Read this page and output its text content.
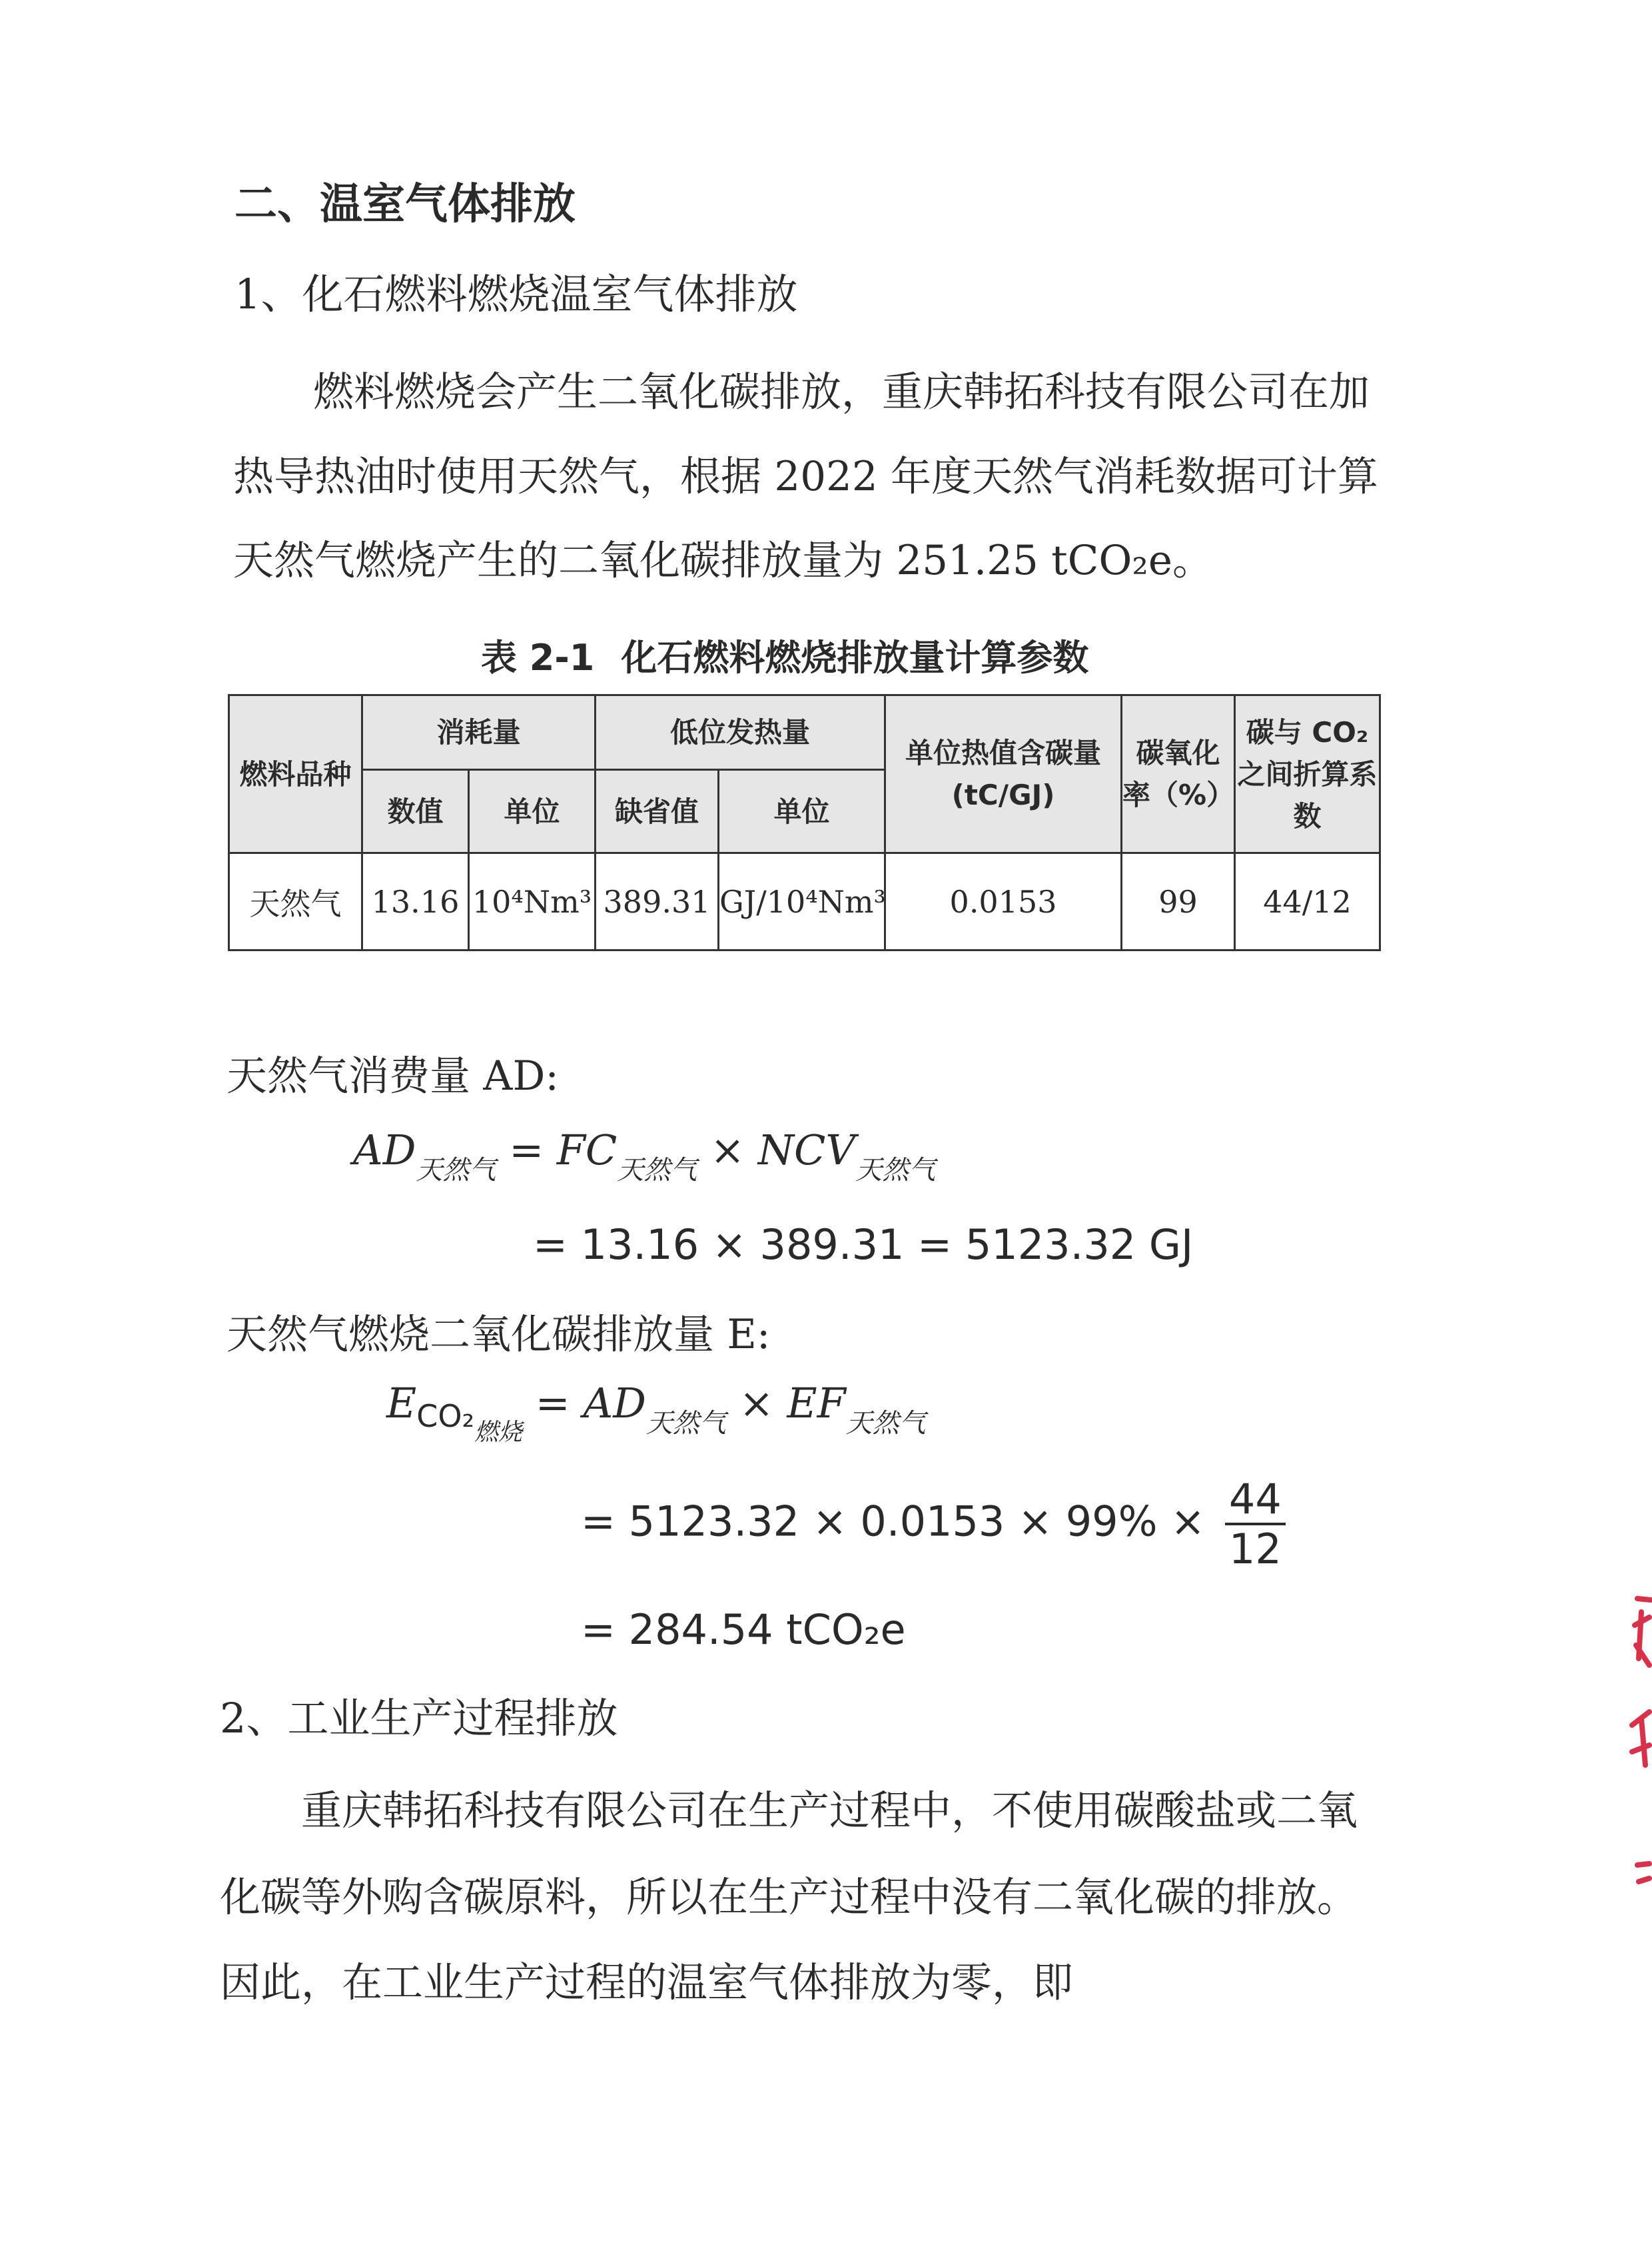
二、温室气体排放
1、化石燃料燃烧温室气体排放
燃料燃烧会产生二氧化碳排放，重庆韩拓科技有限公司在加
热导热油时使用天然气，根据 2022 年度天然气消耗数据可计算
天然气燃烧产生的二氧化碳排放量为 251.25 tCO₂e。
表 2-1 化石燃料燃烧排放量计算参数
燃料品种	消耗量		低位发热量		单位热值含碳量(tC/GJ)	碳氧化率（%）	碳与 CO₂之间折算系数
	数值	单位	缺省值	单位			
天然气	13.16	10⁴Nm³	389.31	GJ/10⁴Nm³	0.0153	99	44/12
天然气消费量 AD:
$AD_{天然气} = FC_{天然气} \times NCV_{天然气}$
= 13.16 × 389.31 = 5123.32 GJ
天然气燃烧二氧化碳排放量 E:
$E_{CO_2燃烧} = AD_{天然气} \times EF_{天然气}$
= $5123.32 \times 0.0153 \times 99\% \times \frac{44}{12}$
= 284.54 tCO₂e
2、工业生产过程排放
重庆韩拓科技有限公司在生产过程中，不使用碳酸盐或二氧
化碳等外购含碳原料，所以在生产过程中没有二氧化碳的排放。
因此，在工业生产过程的温室气体排放为零，即
